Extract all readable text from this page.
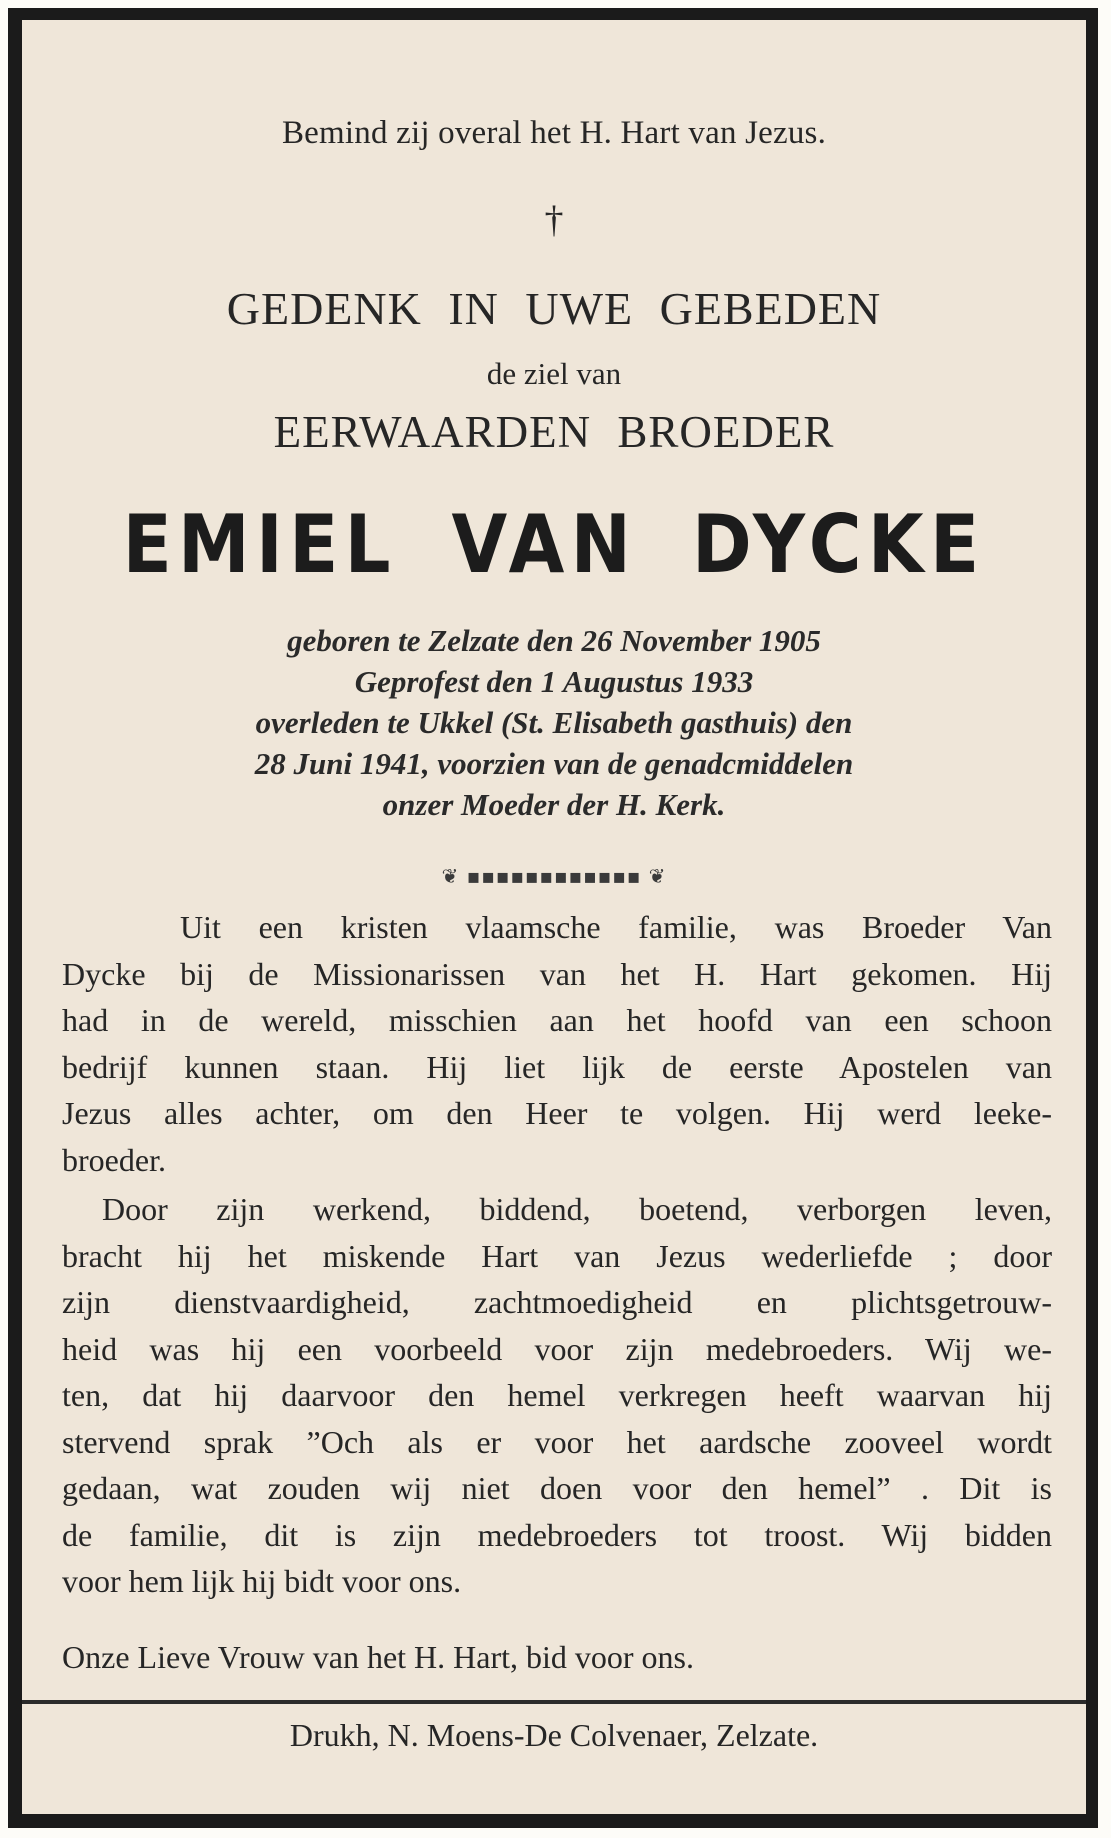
Bemind zij overal het H. Hart van Jezus.
†
GEDENK IN UWE GEBEDEN
de ziel van
EERWAARDEN BROEDER
EMIEL VAN DYCKE
geboren te Zelzate den 26 November 1905
Geprofest den 1 Augustus 1933
overleden te Ukkel (St. Elisabeth gasthuis) den
28 Juni 1941, voorzien van de genadcmiddelen
onzer Moeder der H. Kerk.
❦ ▪▪▪▪▪▪▪▪▪▪▪▪ ❦
Uit een kristen vlaamsche familie, was Broeder Van
Dycke bij de Missionarissen van het H. Hart gekomen. Hij
had in de wereld, misschien aan het hoofd van een schoon
bedrijf kunnen staan. Hij liet lijk de eerste Apostelen van
Jezus alles achter, om den Heer te volgen. Hij werd leeke-
broeder.
Door zijn werkend, biddend, boetend, verborgen leven,
bracht hij het miskende Hart van Jezus wederliefde ; door
zijn dienstvaardigheid, zachtmoedigheid en plichtsgetrouw-
heid was hij een voorbeeld voor zijn medebroeders. Wij we-
ten, dat hij daarvoor den hemel verkregen heeft waarvan hij
stervend sprak ”Och als er voor het aardsche zooveel wordt
gedaan, wat zouden wij niet doen voor den hemel” . Dit is
de familie, dit is zijn medebroeders tot troost. Wij bidden
voor hem lijk hij bidt voor ons.
Onze Lieve Vrouw van het H. Hart, bid voor ons.
Drukh, N. Moens-De Colvenaer, Zelzate.
